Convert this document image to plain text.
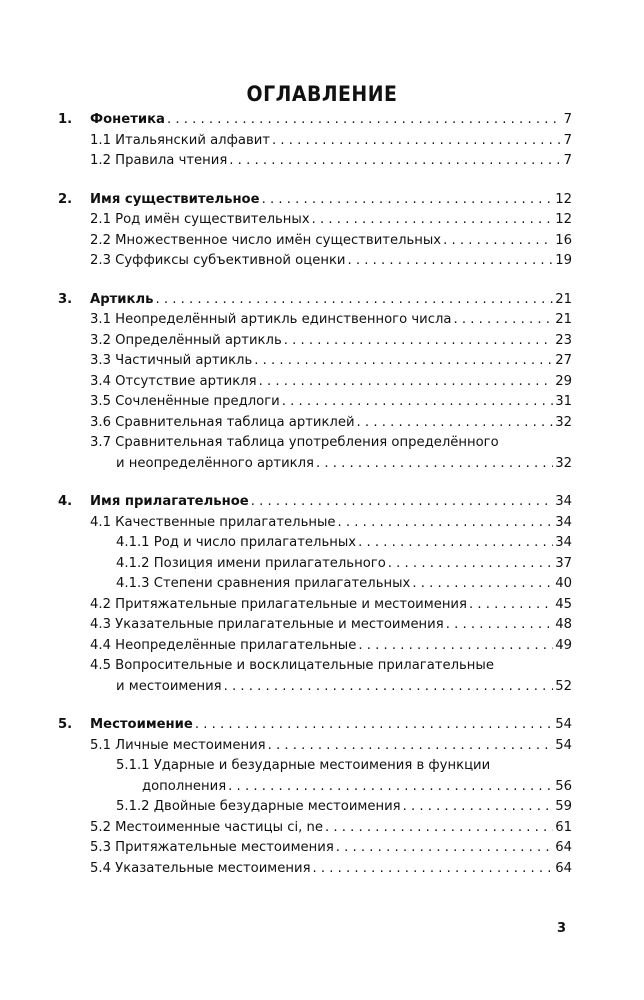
ОГЛАВЛЕНИЕ
1. Фонетика . . .	7
1.1 Итальянский алфавит . . .	7
1.2 Правила чтения . . .	7
2. Имя существительное . . .	12
2.1 Род имён существительных . . .	12
2.2 Множественное число имён существительных . . .	16
2.3 Суффиксы субъективной оценки . . .	19
3. Артикль . . .	21
3.1 Неопределённый артикль единственного числа . . .	21
3.2 Определённый артикль . . .	23
3.3 Частичный артикль . . .	27
3.4 Отсутствие артикля . . .	29
3.5 Сочленённые предлоги . . .	31
3.6 Сравнительная таблица артиклей . . .	32
3.7 Сравнительная таблица употребления определённого
и неопределённого артикля . . .	32
4. Имя прилагательное . . .	34
4.1 Качественные прилагательные . . .	34
4.1.1 Род и число прилагательных . . .	34
4.1.2 Позиция имени прилагательного . . .	37
4.1.3 Степени сравнения прилагательных . . .	40
4.2 Притяжательные прилагательные и местоимения . . .	45
4.3 Указательные прилагательные и местоимения . . .	48
4.4 Неопределённые прилагательные . . .	49
4.5 Вопросительные и восклицательные прилагательные
и местоимения . . .	52
5. Местоимение . . .	54
5.1 Личные местоимения . . .	54
5.1.1 Ударные и безударные местоимения в функции
дополнения . . .	56
5.1.2 Двойные безударные местоимения . . .	59
5.2 Местоименные частицы ci, ne . . .	61
5.3 Притяжательные местоимения . . .	64
5.4 Указательные местоимения . . .	64
3
